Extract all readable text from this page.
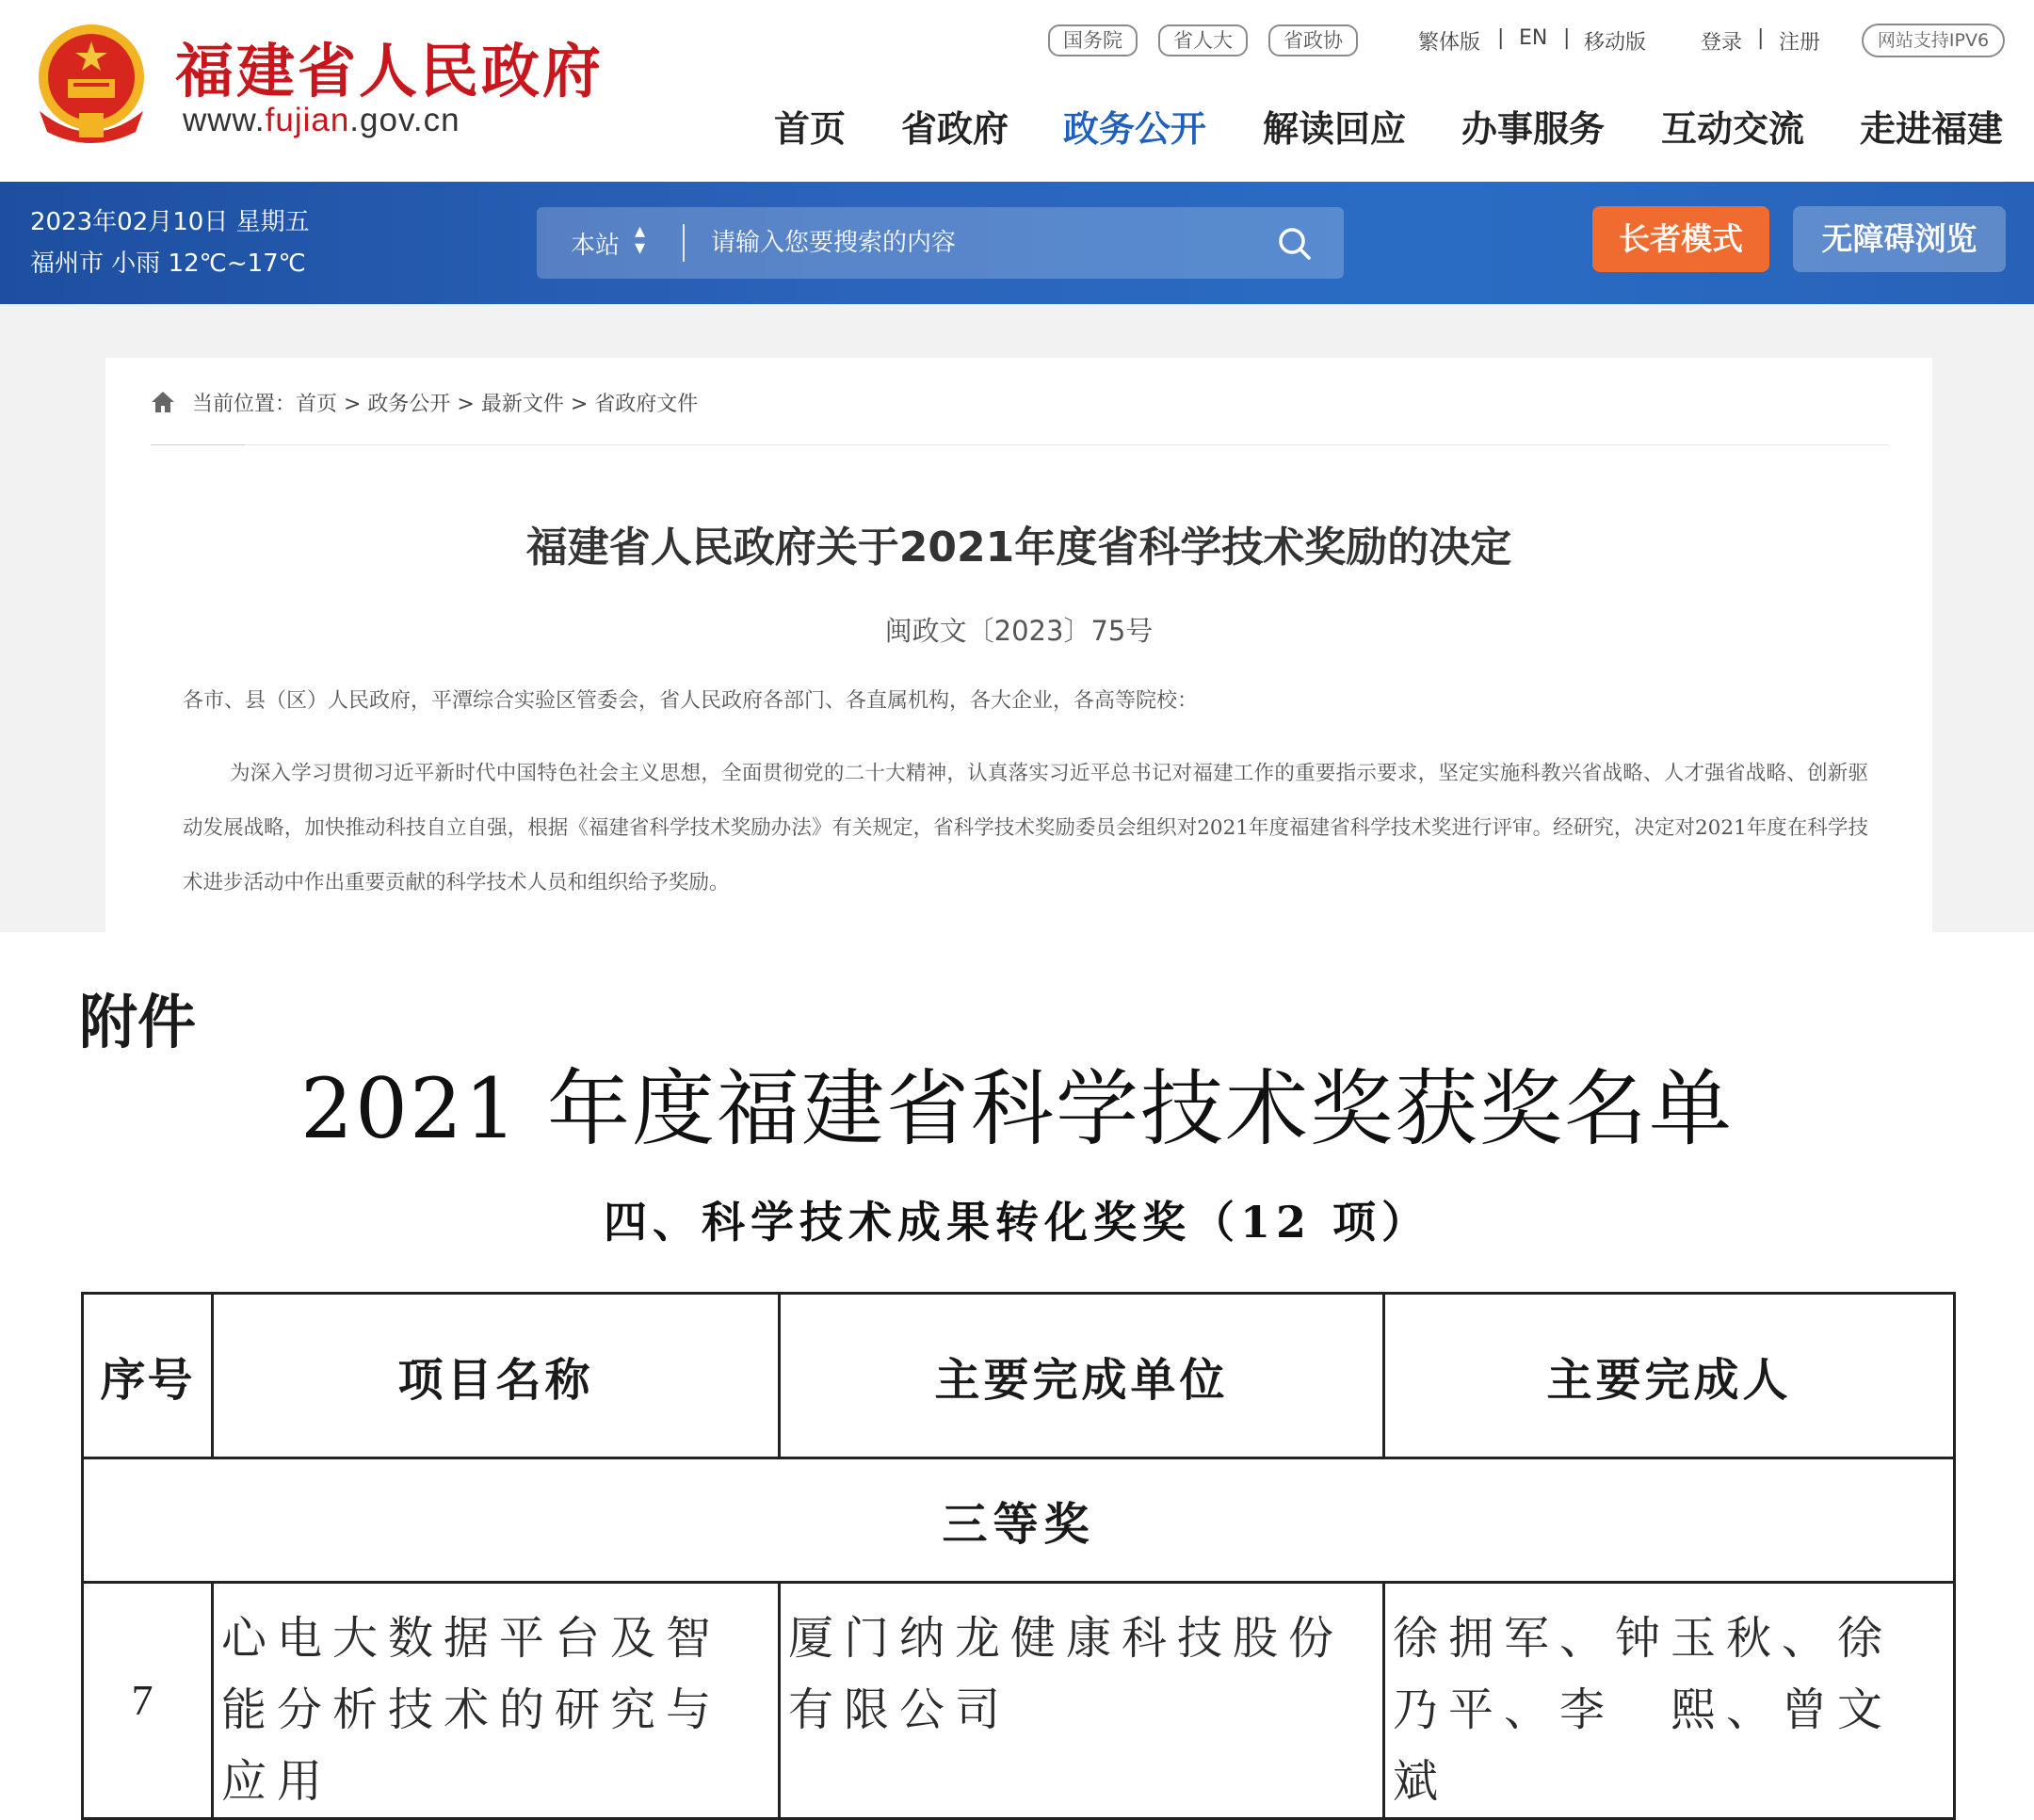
福建省人民政府
www.fujian.gov.cn
国务院	省人大	省政协	繁体版 | EN | 移动版	登录 | 注册	网站支持IPV6
首页 省政府 政务公开 解读回应 办事服务 互动交流 走进福建
2023年02月10日 星期五
福州市 小雨 12℃~17℃
本站
▴
▾
请输入您要搜索的内容	长者模式	无障碍浏览
当前位置：首页 > 政务公开 > 最新文件 > 省政府文件
福建省人民政府关于2021年度省科学技术奖励的决定
闽政文〔2023〕75号
各市、县（区）人民政府，平潭综合实验区管委会，省人民政府各部门、各直属机构，各大企业，各高等院校：
为深入学习贯彻习近平新时代中国特色社会主义思想，全面贯彻党的二十大精神，认真落实习近平总书记对福建工作的重要指示要求，坚定实施科教兴省战略、人才强省战略、创新驱动发展战略，加快推动科技自立自强，根据《福建省科学技术奖励办法》有关规定，省科学技术奖励委员会组织对2021年度福建省科学技术奖进行评审。经研究，决定对2021年度在科学技术进步活动中作出重要贡献的科学技术人员和组织给予奖励。
附件
2021 年度福建省科学技术奖获奖名单
四、科学技术成果转化奖奖（12 项）
序号	项目名称	主要完成单位	主要完成人
三等奖			
7	心电大数据平台及智能分析技术的研究与应用	厦门纳龙健康科技股份有限公司	徐拥军、钟玉秋、徐乃平、李　熙、曾文斌
